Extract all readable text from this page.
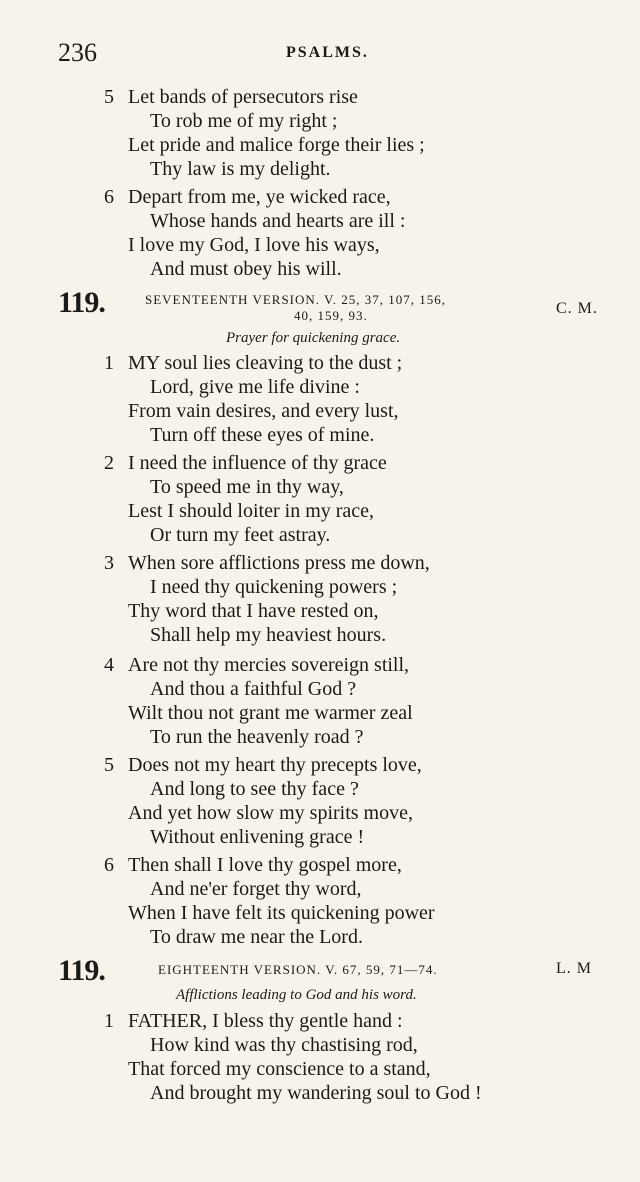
236	PSALMS.
5 Let bands of persecutors rise
To rob me of my right ;
Let pride and malice forge their lies ;
Thy law is my delight.
6 Depart from me, ye wicked race,
Whose hands and hearts are ill :
I love my God, I love his ways,
And must obey his will.
119.	SEVENTEENTH VERSION. V. 25, 37, 107, 156,
40, 159, 93.	C. M.
Prayer for quickening grace.
1 MY soul lies cleaving to the dust ;
Lord, give me life divine :
From vain desires, and every lust,
Turn off these eyes of mine.
2 I need the influence of thy grace
To speed me in thy way,
Lest I should loiter in my race,
Or turn my feet astray.
3 When sore afflictions press me down,
I need thy quickening powers ;
Thy word that I have rested on,
Shall help my heaviest hours.
4 Are not thy mercies sovereign still,
And thou a faithful God ?
Wilt thou not grant me warmer zeal
To run the heavenly road ?
5 Does not my heart thy precepts love,
And long to see thy face ?
And yet how slow my spirits move,
Without enlivening grace !
6 Then shall I love thy gospel more,
And ne'er forget thy word,
When I have felt its quickening power
To draw me near the Lord.
119.	EIGHTEENTH VERSION. V. 67, 59, 71—74.	L. M
Afflictions leading to God and his word.
1 FATHER, I bless thy gentle hand :
How kind was thy chastising rod,
That forced my conscience to a stand,
And brought my wandering soul to God !
